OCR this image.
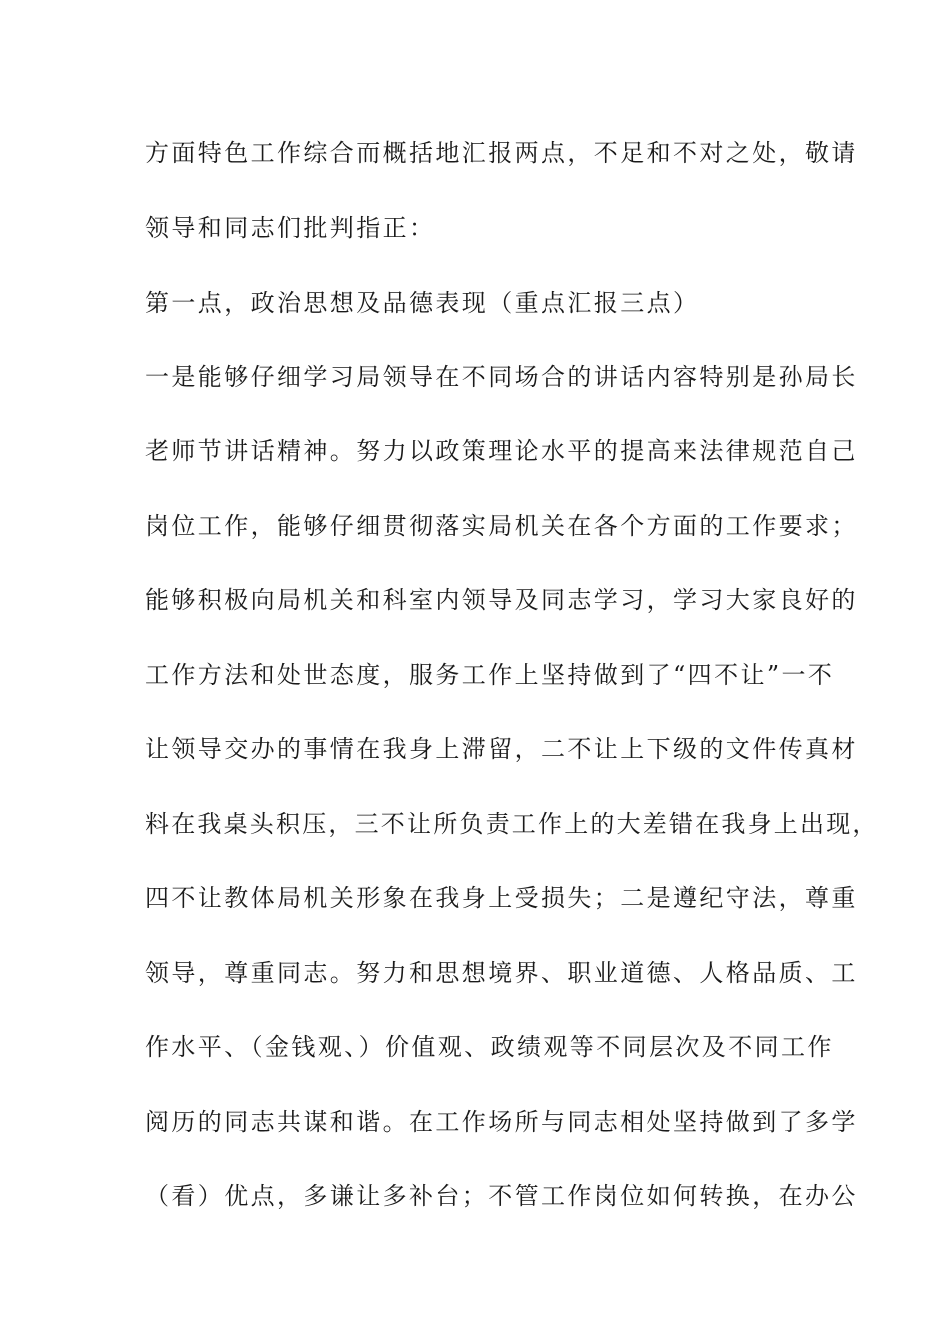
方面特色工作综合而概括地汇报两点，不足和不对之处，敬请

领导和同志们批判指正：

第一点，政治思想及品德表现（重点汇报三点）

一是能够仔细学习局领导在不同场合的讲话内容特别是孙局长

老师节讲话精神。努力以政策理论水平的提高来法律规范自己

岗位工作，能够仔细贯彻落实局机关在各个方面的工作要求；

能够积极向局机关和科室内领导及同志学习，学习大家良好的

工作方法和处世态度，服务工作上坚持做到了“四不让”一不

让领导交办的事情在我身上滞留，二不让上下级的文件传真材

料在我桌头积压，三不让所负责工作上的大差错在我身上出现，

四不让教体局机关形象在我身上受损失；二是遵纪守法，尊重

领导，尊重同志。努力和思想境界、职业道德、人格品质、工

作水平、（金钱观、）价值观、政绩观等不同层次及不同工作

阅历的同志共谋和谐。在工作场所与同志相处坚持做到了多学

（看）优点，多谦让多补台；不管工作岗位如何转换，在办公
